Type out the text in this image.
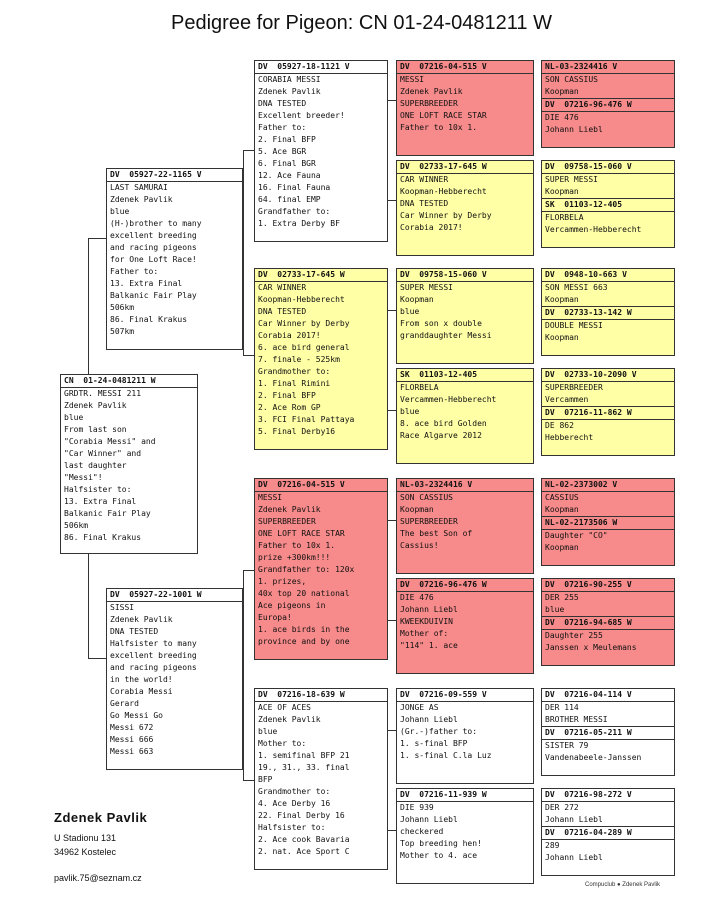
Pedigree for Pigeon: CN 01-24-0481211 W
CN  01-24-0481211 W
GRDTR. MESSI 211
Zdenek Pavlik
blue
From last son
"Corabia Messi" and
"Car Winner" and
last daughter
"Messi"!
Halfsister to:
13. Extra Final
Balkanic Fair Play
506km
86. Final Krakus
DV  05927-22-1165 V
LAST SAMURAI
Zdenek Pavlik
blue
(H-)brother to many
excellent breeding
and racing pigeons
for One Loft Race!
Father to:
13. Extra Final
Balkanic Fair Play
506km
86. Final Krakus
507km
DV  05927-22-1001 W
SISSI
Zdenek Pavlik
DNA TESTED
Halfsister to many
excellent breeding
and racing pigeons
in the world!
Corabia Messi
Gerard
Go Messi Go
Messi 672
Messi 666
Messi 663
DV  05927-18-1121 V
CORABIA MESSI
Zdenek Pavlik
DNA TESTED
Excellent breeder!
Father to:
2. Final BFP
5. Ace BGR
6. Final BGR
12. Ace Fauna
16. Final Fauna
64. final EMP
Grandfather to:
1. Extra Derby BF
DV  02733-17-645 W
CAR WINNER
Koopman-Hebberecht
DNA TESTED
Car Winner by Derby
Corabia 2017!
6. ace bird general
7. finale - 525km
Grandmother to:
1. Final Rimini
2. Final BFP
2. Ace Rom GP
3. FCI Final Pattaya
5. Final Derby16
DV  07216-04-515 V
MESSI
Zdenek Pavlik
SUPERBREEDER
ONE LOFT RACE STAR
Father to 10x 1.
prize +300km!!!
Grandfather to: 120x
1. prizes,
40x top 20 national
Ace pigeons in
Europa!
1. ace birds in the
province and by one
DV  07216-18-639 W
ACE OF ACES
Zdenek Pavlik
blue
Mother to:
1. semifinal BFP 21
19., 31., 33. final
BFP
Grandmother to:
4. Ace Derby 16
22. Final Derby 16
Halfsister to:
2. Ace cook Bavaria
2. nat. Ace Sport C
DV  07216-04-515 V
MESSI
Zdenek Pavlik
SUPERBREEDER
ONE LOFT RACE STAR
Father to 10x 1.
DV  02733-17-645 W
CAR WINNER
Koopman-Hebberecht
DNA TESTED
Car Winner by Derby
Corabia 2017!
DV  09758-15-060 V
SUPER MESSI
Koopman
blue
From son x double
granddaughter Messi
SK  01103-12-405
FLORBELA
Vercammen-Hebberecht
blue
8. ace bird Golden
Race Algarve 2012
NL-03-2324416 V
SON CASSIUS
Koopman
SUPERBREEDER
The best Son of
Cassius!
DV  07216-96-476 W
DIE 476
Johann Liebl
KWEEKDUIVIN
Mother of:
"114" 1. ace
DV  07216-09-559 V
JONGE AS
Johann Liebl
(Gr.-)father to:
1. s-final BFP
1. s-final C.la Luz
DV  07216-11-939 W
DIE 939
Johann Liebl
checkered
Top breeding hen!
Mother to 4. ace
NL-03-2324416 V
SON CASSIUS
Koopman
DV  07216-96-476 W
DIE 476
Johann Liebl
DV  09758-15-060 V
SUPER MESSI
Koopman
SK  01103-12-405
FLORBELA
Vercammen-Hebberecht
DV  0948-10-663 V
SON MESSI 663
Koopman
DV  02733-13-142 W
DOUBLE MESSI
Koopman
DV  02733-10-2090 V
SUPERBREEDER
Vercammen
DV  07216-11-862 W
DE 862
Hebberecht
NL-02-2373002 V
CASSIUS
Koopman
NL-02-2173506 W
Daughter "CO"
Koopman
DV  07216-90-255 V
DER 255
blue
DV  07216-94-685 W
Daughter 255
Janssen x Meulemans
DV  07216-04-114 V
DER 114
BROTHER MESSI
DV  07216-05-211 W
SISTER 79
Vandenabeele-Janssen
DV  07216-98-272 V
DER 272
Johann Liebl
DV  07216-04-289 W
289
Johann Liebl
Zdenek Pavlik
U Stadionu 131
34962 Kostelec
pavlik.75@seznam.cz
Compuclub ● Zdenek Pavlik
